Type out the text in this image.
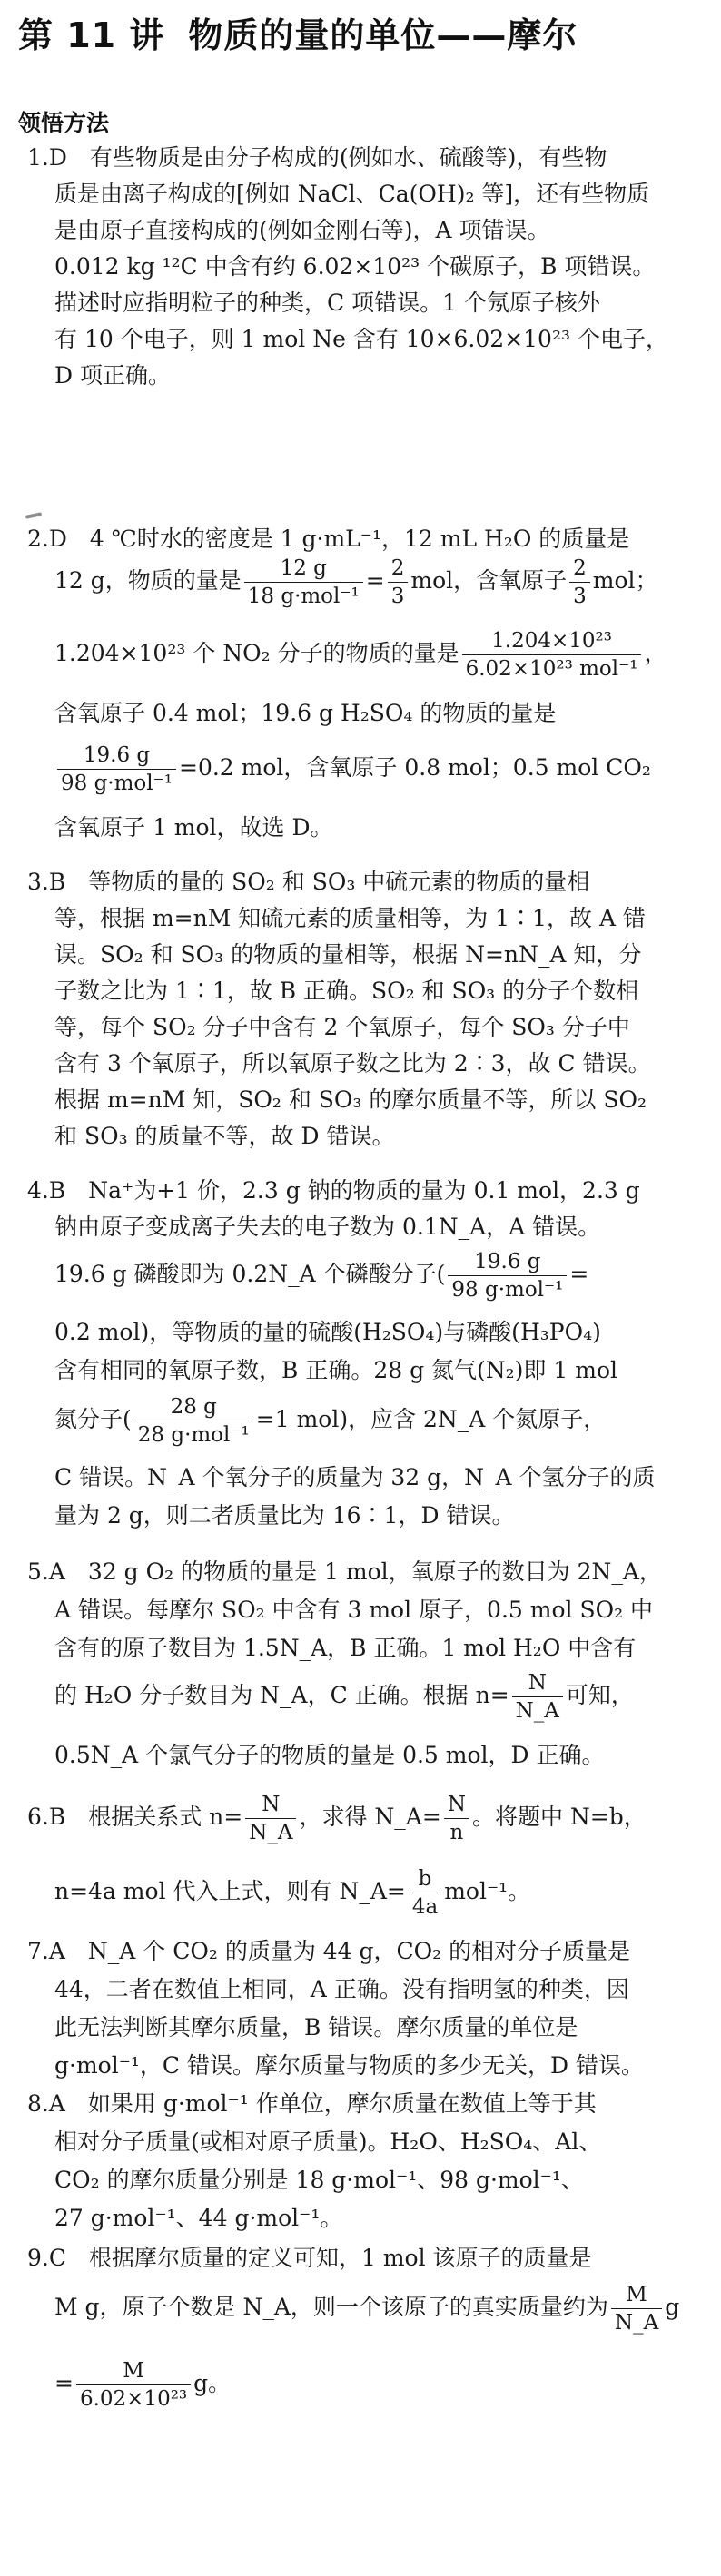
第 11 讲 物质的量的单位——摩尔
领悟方法
1.D　有些物质是由分子构成的(例如水、硫酸等)，有些物
质是由离子构成的[例如 NaCl、Ca(OH)₂ 等]，还有些物质
是由原子直接构成的(例如金刚石等)，A 项错误。
0.012 kg ¹²C 中含有约 6.02×10²³ 个碳原子，B 项错误。
描述时应指明粒子的种类，C 项错误。1 个氖原子核外
有 10 个电子，则 1 mol Ne 含有 10×6.02×10²³ 个电子，
D 项正确。
2.D　4 ℃时水的密度是 1 g·mL⁻¹，12 mL H₂O 的质量是
12 g，物质的量是	12 g
18 g·mol⁻¹
= $\frac{2}{3}$ mol，含氧原子 $\frac{2}{3}$ mol；
1.204×10²³ 个 NO₂ 分子的物质的量是	1.204×10²³
6.02×10²³ mol⁻¹
，
含氧原子 0.4 mol；19.6 g H₂SO₄ 的物质的量是
19.6 g
98 g·mol⁻¹
=0.2 mol，含氧原子 0.8 mol；0.5 mol CO₂
含氧原子 1 mol，故选 D。
3.B　等物质的量的 SO₂ 和 SO₃ 中硫元素的物质的量相
等，根据 m=nM 知硫元素的质量相等，为 1∶1，故 A 错
误。SO₂ 和 SO₃ 的物质的量相等，根据 N=nN_A 知，分
子数之比为 1∶1，故 B 正确。SO₂ 和 SO₃ 的分子个数相
等，每个 SO₂ 分子中含有 2 个氧原子，每个 SO₃ 分子中
含有 3 个氧原子，所以氧原子数之比为 2∶3，故 C 错误。
根据 m=nM 知，SO₂ 和 SO₃ 的摩尔质量不等，所以 SO₂
和 SO₃ 的质量不等，故 D 错误。
4.B　Na⁺为+1 价，2.3 g 钠的物质的量为 0.1 mol，2.3 g
钠由原子变成离子失去的电子数为 0.1N_A，A 错误。
19.6 g 磷酸即为 0.2N_A 个磷酸分子(	19.6 g
98 g·mol⁻¹
=
0.2 mol)，等物质的量的硫酸(H₂SO₄)与磷酸(H₃PO₄)
含有相同的氧原子数，B 正确。28 g 氮气(N₂)即 1 mol
氮分子(	28 g
28 g·mol⁻¹
=1 mol)，应含 2N_A 个氮原子，
C 错误。N_A 个氧分子的质量为 32 g，N_A 个氢分子的质
量为 2 g，则二者质量比为 16∶1，D 错误。
5.A　32 g O₂ 的物质的量是 1 mol，氧原子的数目为 2N_A，
A 错误。每摩尔 SO₂ 中含有 3 mol 原子，0.5 mol SO₂ 中
含有的原子数目为 1.5N_A，B 正确。1 mol H₂O 中含有
的 H₂O 分子数目为 N_A，C 正确。根据 $n= \frac{N}{N\_A}$ 可知，
0.5N_A 个氯气分子的物质的量是 0.5 mol，D 正确。
6.B　根据关系式 $n= \frac{N}{N\_A}$ ，求得 N_A= $\frac{N}{n}$ 。将题中 N=b，
n=4a mol 代入上式，则有 N_A= $\frac{b}{4a} mol^{-1}$。
7.A　N_A 个 CO₂ 的质量为 44 g，CO₂ 的相对分子质量是
44，二者在数值上相同，A 正确。没有指明氢的种类，因
此无法判断其摩尔质量，B 错误。摩尔质量的单位是
g·mol⁻¹，C 错误。摩尔质量与物质的多少无关，D 错误。
8.A　如果用 g·mol⁻¹ 作单位，摩尔质量在数值上等于其
相对分子质量(或相对原子质量)。H₂O、H₂SO₄、Al、
CO₂ 的摩尔质量分别是 18 g·mol⁻¹、98 g·mol⁻¹、
27 g·mol⁻¹、44 g·mol⁻¹。
9.C　根据摩尔质量的定义可知，1 mol 该原子的质量是
M g，原子个数是 N_A，则一个该原子的真实质量约为 $\frac{M}{N\_A}$ g
= $\frac{M}{\text{6.02×10²³}}$ g。
